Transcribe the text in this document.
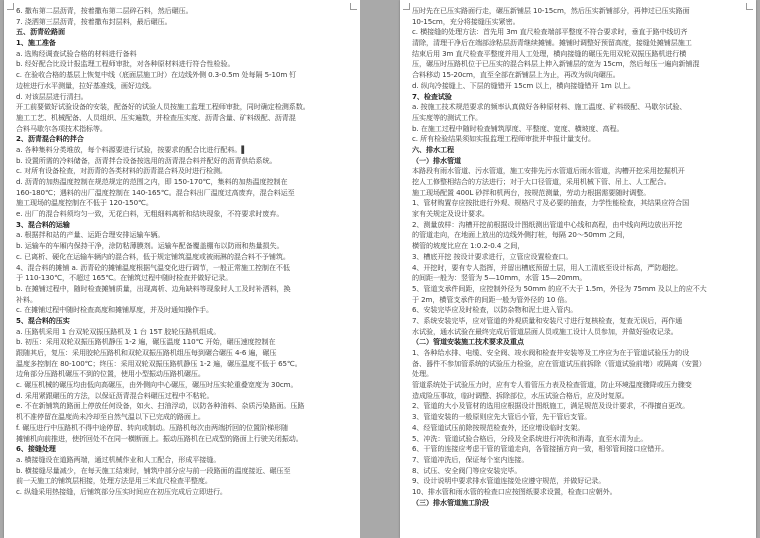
6. 撒布第二层沥青，按着撒布第二层碎石料，然后碾压。
7. 浇洒第三层沥青，按着撒布封层料，最后碾压。
五、沥青砼路面
1、施工准备
a. 选购经调查试验合格的材料进行备料
b. 经好配合比设计报监理工程师审批，对各种原材料进行符合性检验。
c. 在验收合格的基层上恢复中线（底面层施工时）在边线外侧 0.3-0.5m 处每隔 5-10m 钉
边桩进行水平测量，拉好基准线，画好边线。
d. 对该层层进行清扫。
开工前要做好试验设备的安装，配备好的试验人员按施工监理工程师审批，同时确定检测系数。
施工工艺、机械配备、人员组织、压实遍数，并检查压实度、沥青含量、矿料级配、沥青混
合料马歇尔各项技术指标等。
2、沥青混合料的拌合
a. 各种集料分类堆放，每个料源要进行试验，按要求的配合比进行配料。▌
b. 设置所需的冷料储备，沥青拌合设备按选用的沥青混合料并配好的沥青供给系统。
c. 对所有设备检查，对沥青的各类材料的沥青混合料及时进行检测。
d. 沥青的加热温度控制在规范规定的范围之内，即 150-170℃，集料的加热温度控制在
160-180℃；遇料的出厂温度控制在 140-165℃。混合料出厂温度过高废弃，混合料运至
施工现场的温度控制在不低于 120-150℃。
e. 出厂的混合料须均匀一致，无花白料，无粗细料离析和结块现象，不符要求时废弃。
3、混合料的运输
a. 根据拌和站的产量、运距合理安排运输车辆。
b. 运输车的车厢内保持干净，涂防粘薄膜剂。运输车配备覆盖棚布以防雨和热量损失。
c. 已离析、硬化在运输车辆内的混合料，低于规定铺筑温度或被雨淋的混合料不予铺筑。
4、混合料的摊铺 a. 沥青砼的摊铺温度根据气温变化进行调节，一般正常施工控制在不低
于 110-130℃，不超过 165℃。在铺筑过程中随时检查并做好记录。
b. 在摊铺过程中，随时检查摊铺质量，出现离析、边角缺料等现象时人工及时补洒料，换
补料。
c. 在摊铺过程中随时检查高度和摊铺厚度，并及时通知操作手。
5、混合料的压实
a. 压路机采用 1 台双轮双振压路机及 1 台 15T 胶轮压路机组成。
b. 初压：采用双轮双振压路机静压 1-2 遍，碾压温度 110℃ 开始，碾压速度控制在
跟随其后，复压：采用胶轮压路机和双轮双振压路机组压每到碾合碾压 4-6 遍，碾压
温度多控制在 80-100℃；终压：采用双轮双振压路机静压 1-2 遍，碾压温度不低于 65℃。
边角部分压路机碾压不到的位置，使用小型振动压路机碾压。
c. 碾压机械的碾压均由低向高碾压，由外侧向中心碾压，碾压时压实轮重叠宽度为 30cm。
d. 采用紧跟碾压的方法，以保证沥青混合料碾压过程中不粘轮。
e. 不在新铺筑的路面上停放任何设备，如火、扫油浮动，以防各种油料、杂质污染路面。压路
机不准停留在温度尚未冷却至自然气温以下已完成的路面上。
f. 碾压进行中压路机不得中途停留、转向或制动。压路机每次由两端折回的位置阶梯形随
摊铺机向前推进，使折回处不在同一横断面上。振动压路机在已成型的路面上行驶关闭振动。
6、接缝处理
a. 横接缝设在道路两端，通过机械作业和人工配合，形成平接缝。
b. 横接缝尽量减少，在每天施工结束时，铺筑中部分应与前一段路面的温度接近、碾压至
前一天施工的铺筑层相接，处理方法是用三米直尺检查平整度。
c. 纵缝采用热接缝，后铺筑部分压实时间应在初压完成后立即进行。
压时先在已压实路面行走，碾压新铺层 10-15cm，然后压实新铺部分，再伸过已压实路面
10-15cm，充分将接缝压实紧密。
c. 横接缝的处理方法：首先用 3m 直尺检查端部平整度不符合要求时，垂直于路中线切齐
清除，清理干净后在端部涂粘层沥青继续摊铺。摊铺时调整好预留高度，接缝处摊铺层施工
结束后用 3m 直尺检查平整度并用人工处理，横向接缝的碾压先用双轮双振压路机进行横
压，碾压时压路机位于已压实的混合料层上伸入新铺层的宽为 15cm，然后每压一遍向新铺混
合料移动 15-20cm，直至全部在新铺层上为止，再改为纵向碾压。
d. 纵向冷接缝上、下层的缝错开 15cm 以上，横向接缝错开 1m 以上。
7、检查试验
a. 按施工技术规范要求的频率认真做好各种原材料、施工温度、矿料级配、马歇尔试验、
压实度等的测试工作。
b. 在施工过程中随时检查铺筑厚度、平整度、宽度、横坡度、高程。
c. 所有检验结果须如实报监理工程师审批并申报计量支付。
六、排水工程
（一）排水管道
本路段有雨水管道、污水管道，施工安排先污水管道后雨水管道，沟槽开挖采用挖掘机开
挖人工修整相结合的方法进行；对于大口径管道，采用机械下管、吊上、人工配合。
施工现场配置 400L 砂拌和机两台，按规范测量，劳动力根据需要随时调整。
1、管材购置存应按批进行外观、规格尺寸及必要的抽查，力学性能检查，其结果应符合国
家有关规定及设计要求。
2、测量放样：沟槽开挖前根据设计图纸测出管道中心线和高程，由中线向两边放出开挖
的管道走向，在地面上放出的边线外侧打桩，每隔 20～50mm 之间，
横管的坡度比应在 1:0.2-0.4 之间，
3、槽底开挖 按设计要求进行，立管应设置检查口。
4、开挖时，要有专人指挥，并留出槽底预留土层，用人工清底至设计标高，严防超挖。
的间距一般为：竖管为 5—10mm，水管 15—20mm。
5、管道支承件间距，应控制外径为 50mm 的应不大于 1.5m，外径为 75mm 及以上的应不大
于 2m，横管支承件的间距一般为管外径的 10 倍。
6、安装完毕应及时检查，以防杂物和泥土进入管内。
7、系统安装完毕，应对管道的外观质量和安装尺寸进行复核检查，复查无误后，再作通
水试验，通水试验在最终完成后管道层面人员或施工设计人员参加，并做好验收记录。
（二）管道安装施工技术要求及重点
1、各种给水排、电缆、安全阀、竣水阀和检查井安装等及工序应为在于管道试验压力的设
备、器件不参加管系统的试验压力检验，应在管道试压前拆除（管道试验前堵）或隔离（安置）
处理。
管道系统处于试验压力时，应有专人看管压力表及检查管道，防止环境温度骤降或压力骤变
造成险压事故，临时调整、拆除部位，水压试验合格后，应及时复原。
2、管道的大小及管材的选用应根据设计图纸施工，满足规范及设计要求，不得擅自更改。
3、管道安装的一般原则应先大管后小管，先干管后支管。
4、经管道试压前除按规范检查外，还应增设临时支架。
5、冲洗：管道试验合格后，分段及全系统进行冲洗和消毒，直至水清为止。
6、干管的连接应考虑干管的管道走向，各管接插方向一致，相邻管间接口应错开。
7、管道冲洗后，保证每个室内连接。
8、试压、安全阀门等应安装完毕。
9、设计说明中要求排水管道连接处应遵守规范，并做好记录。
10、排水管和雨水管的检查口应按图纸要求设置，检查口应朝外。
（三）排水管道施工阶段
